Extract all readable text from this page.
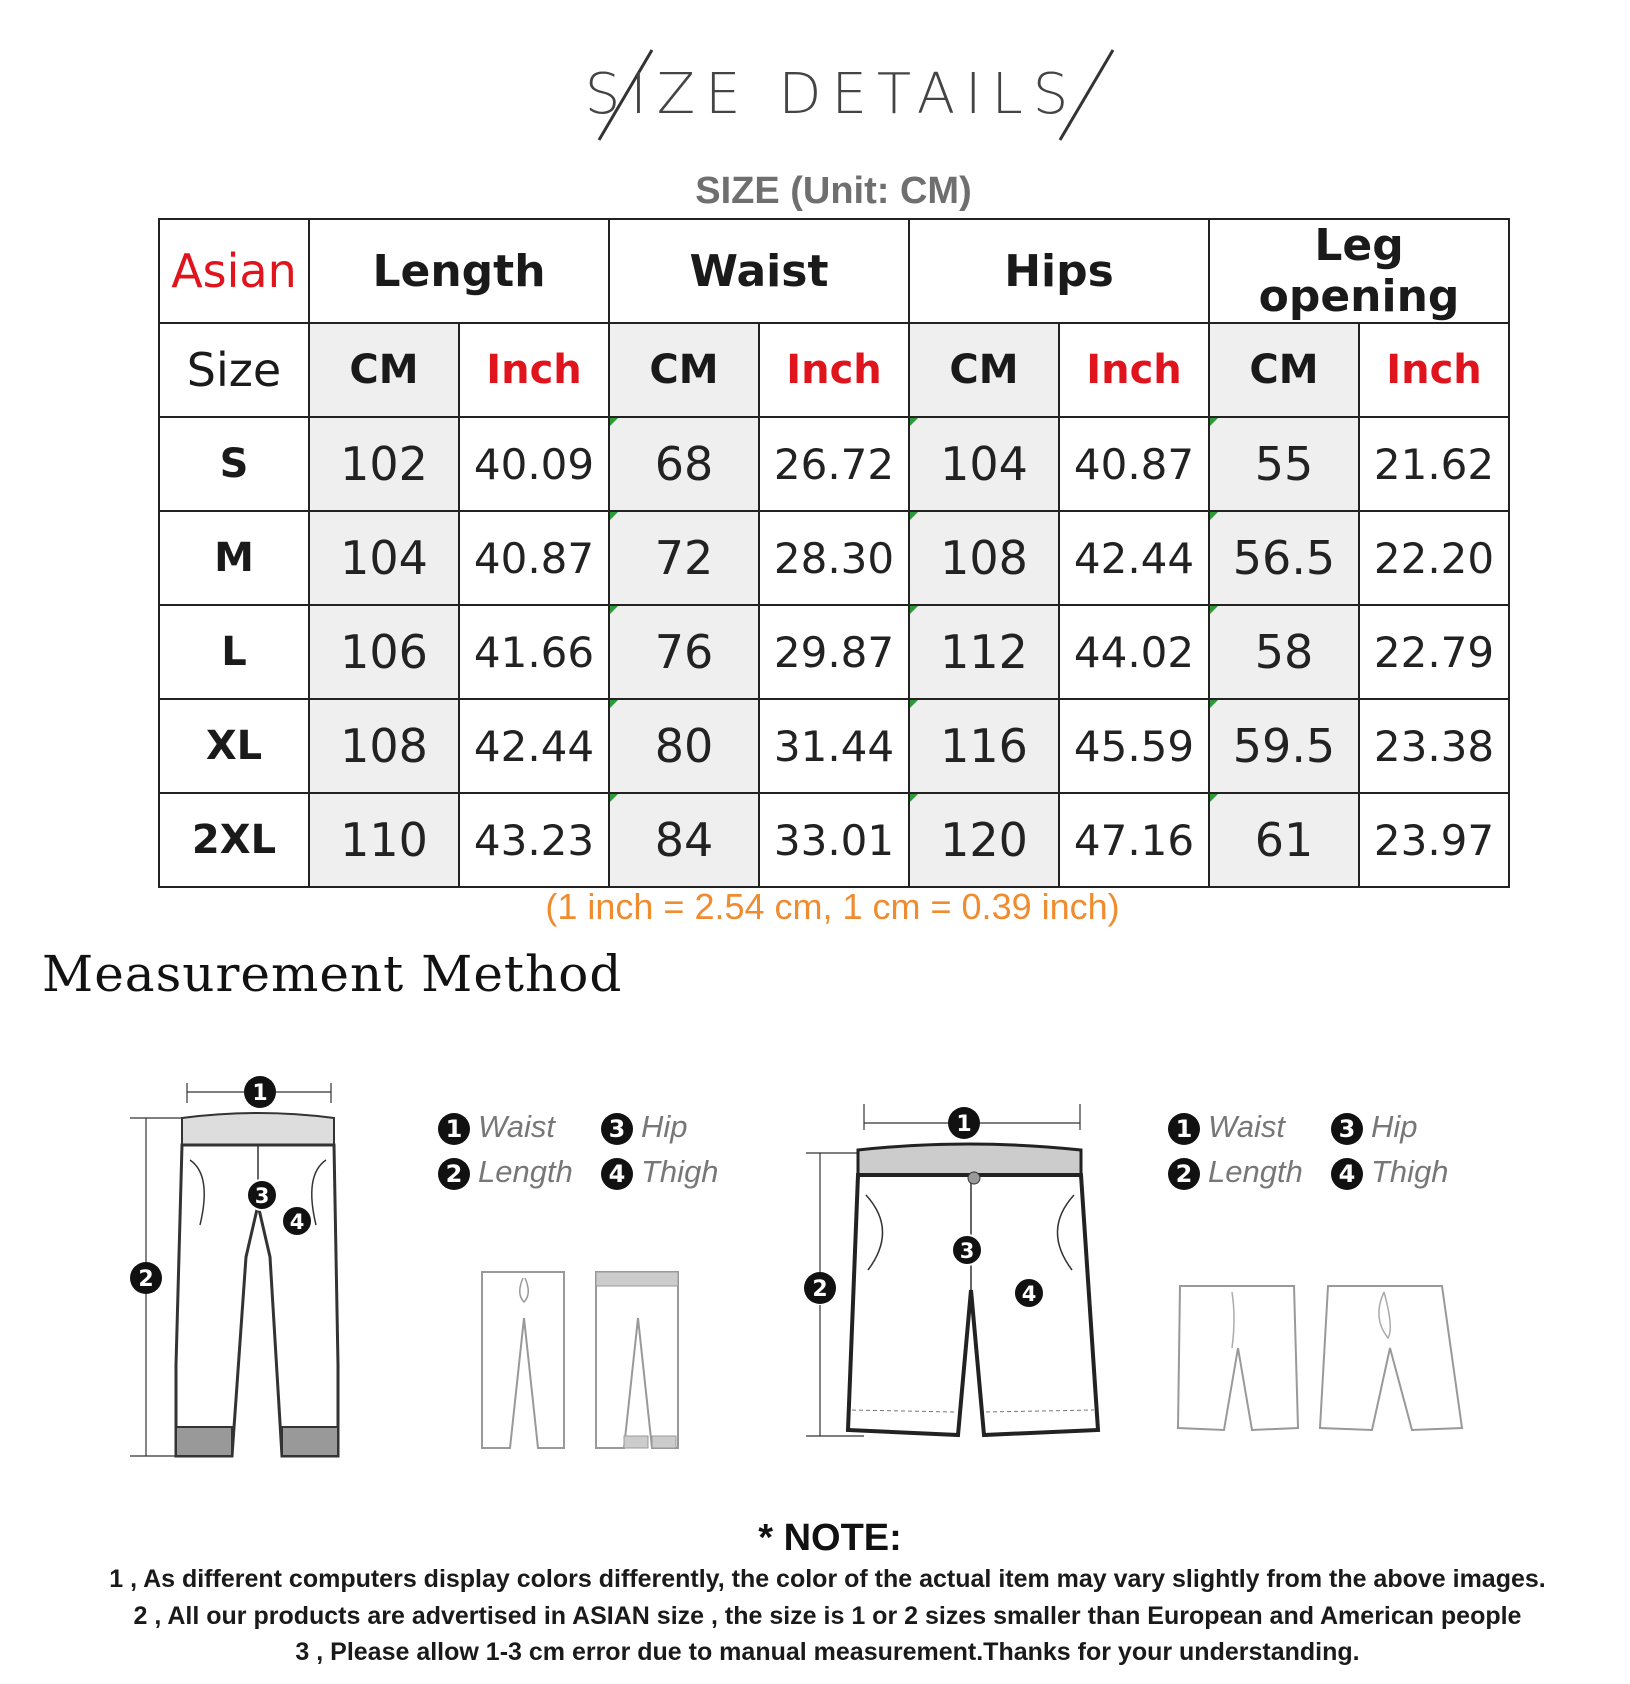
SIZE DETAILS
SIZE (Unit: CM)
Asian	Length		Waist		Hips		Leg opening	
Size	CM	Inch	CM	Inch	CM	Inch	CM	Inch
S	102	40.09	68	26.72	104	40.87	55	21.62
M	104	40.87	72	28.30	108	42.44	56.5	22.20
L	106	41.66	76	29.87	112	44.02	58	22.79
XL	108	42.44	80	31.44	116	45.59	59.5	23.38
2XL	110	43.23	84	33.01	120	47.16	61	23.97
(1 inch = 2.54 cm, 1 cm = 0.39 inch)
Measurement Method
1
3
4
2
1 Waist	3 Hip
2 Length	4 Thigh
1
3
4
2
1 Waist	3 Hip
2 Length	4 Thigh
* NOTE:
1 , As different computers display colors differently, the color of the actual item may vary slightly from the above images.
2 , All our products are advertised in ASIAN size , the size is 1 or 2 sizes smaller than European and American people
3 , Please allow 1-3 cm error due to manual measurement.Thanks for your understanding.
